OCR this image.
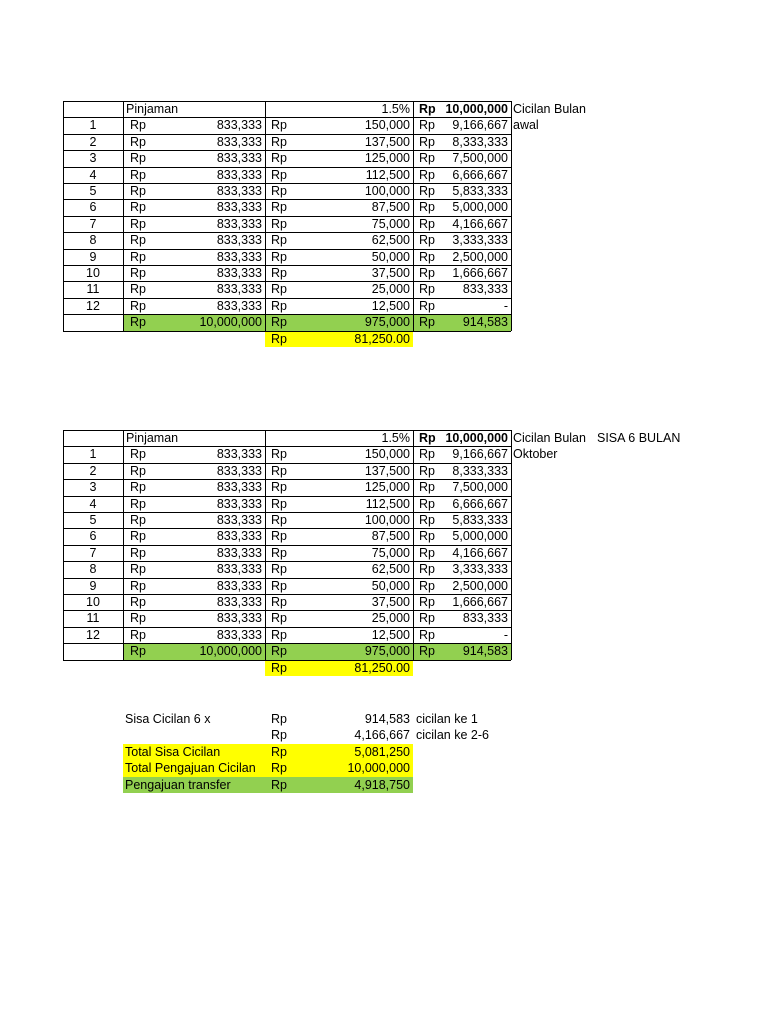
Pinjaman	1.5% Rp 10,000,000 Cicilan Bulan
awal
1	Rp	833,333 Rp	150,000 Rp	9,166,667
2	Rp	833,333 Rp	137,500 Rp	8,333,333
3	Rp	833,333 Rp	125,000 Rp	7,500,000
4	Rp	833,333 Rp	112,500 Rp	6,666,667
5	Rp	833,333 Rp	100,000 Rp	5,833,333
6	Rp	833,333 Rp	87,500 Rp	5,000,000
7	Rp	833,333 Rp	75,000 Rp	4,166,667
8	Rp	833,333 Rp	62,500 Rp	3,333,333
9	Rp	833,333 Rp	50,000 Rp	2,500,000
10	Rp	833,333 Rp	37,500 Rp	1,666,667
11	Rp	833,333 Rp	25,000 Rp	833,333
12	Rp	833,333 Rp	12,500 Rp	-
Rp	10,000,000 Rp	975,000 Rp	914,583
Rp	81,250.00
Pinjaman	1.5% Rp 10,000,000 Cicilan Bulan
Oktober
SISA 6 BULAN
1	Rp	833,333 Rp	150,000 Rp	9,166,667
2	Rp	833,333 Rp	137,500 Rp	8,333,333
3	Rp	833,333 Rp	125,000 Rp	7,500,000
4	Rp	833,333 Rp	112,500 Rp	6,666,667
5	Rp	833,333 Rp	100,000 Rp	5,833,333
6	Rp	833,333 Rp	87,500 Rp	5,000,000
7	Rp	833,333 Rp	75,000 Rp	4,166,667
8	Rp	833,333 Rp	62,500 Rp	3,333,333
9	Rp	833,333 Rp	50,000 Rp	2,500,000
10	Rp	833,333 Rp	37,500 Rp	1,666,667
11	Rp	833,333 Rp	25,000 Rp	833,333
12	Rp	833,333 Rp	12,500 Rp	-
Rp	10,000,000 Rp	975,000 Rp	914,583
Rp	81,250.00
Sisa Cicilan 6 x	Rp	914,583 cicilan ke 1
Rp	4,166,667 cicilan ke 2-6
Total Sisa Cicilan	Rp	5,081,250
Total Pengajuan Cicilan	Rp	10,000,000
Pengajuan transfer	Rp	4,918,750
